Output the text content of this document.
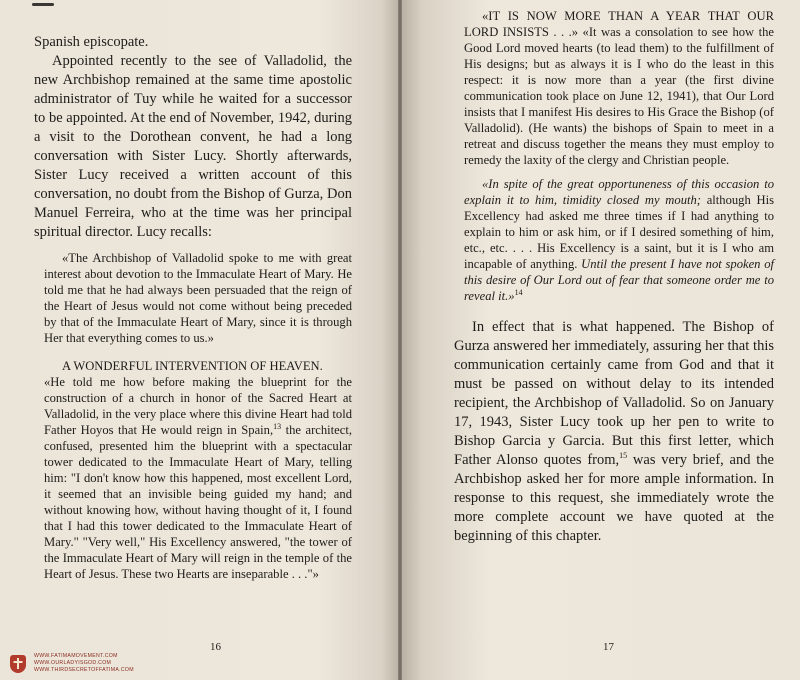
Spanish episcopate.

Appointed recently to the see of Valladolid, the new Archbishop remained at the same time apostolic administrator of Tuy while he waited for a successor to be appointed. At the end of November, 1942, during a visit to the Dorothean convent, he had a long conversation with Sister Lucy. Shortly afterwards, Sister Lucy received a written account of this conversation, no doubt from the Bishop of Gurza, Don Manuel Ferreira, who at the time was her principal spiritual director. Lucy recalls:

«The Archbishop of Valladolid spoke to me with great interest about devotion to the Immaculate Heart of Mary. He told me that he had always been persuaded that the reign of the Heart of Jesus would not come without being preceded by that of the Immaculate Heart of Mary, since it is through Her that everything comes to us.»

A WONDERFUL INTERVENTION OF HEAVEN.

«He told me how before making the blueprint for the construction of a church in honor of the Sacred Heart at Valladolid, in the very place where this divine Heart had told Father Hoyos that He would reign in Spain,$^{13}$ the architect, confused, presented him the blueprint with a spectacular tower dedicated to the Immaculate Heart of Mary, telling him: "I don't know how this happened, most excellent Lord, it seemed that an invisible being guided my hand; and without knowing how, without having thought of it, I found that I had this tower dedicated to the Immaculate Heart of Mary." "Very well," His Excellency answered, "the tower of the Immaculate Heart of Mary will reign in the temple of the Heart of Jesus. These two Hearts are inseparable . . ."»

16
WWW.FATIMAMOVEMENT.COM
WWW.OURLADYISGOD.COM
WWW.THIRDSECRETOFFATIMA.COM

«IT IS NOW MORE THAN A YEAR THAT OUR LORD INSISTS . . .» «It was a consolation to see how the Good Lord moved hearts (to lead them) to the fulfillment of His designs; but as always it is I who do the least in this respect: it is now more than a year (the first divine communication took place on June 12, 1941), that Our Lord insists that I manifest His desires to His Grace the Bishop (of Valladolid). (He wants) the bishops of Spain to meet in a retreat and discuss together the means they must employ to remedy the laxity of the clergy and Christian people.

«In spite of the great opportuneness of this occasion to explain it to him, timidity closed my mouth; although His Excellency had asked me three times if I had anything to explain to him or ask him, or if I desired something of him, etc., etc. . . . His Excellency is a saint, but it is I who am incapable of anything. Until the present I have not spoken of this desire of Our Lord out of fear that someone order me to reveal it.»$^{14}$

In effect that is what happened. The Bishop of Gurza answered her immediately, assuring her that this communication certainly came from God and that it must be passed on without delay to its intended recipient, the Archbishop of Valladolid. So on January 17, 1943, Sister Lucy took up her pen to write to Bishop Garcia y Garcia. But this first letter, which Father Alonso quotes from,$^{15}$ was very brief, and the Archbishop asked her for more ample information. In response to this request, she immediately wrote the more complete account we have quoted at the beginning of this chapter.

17
